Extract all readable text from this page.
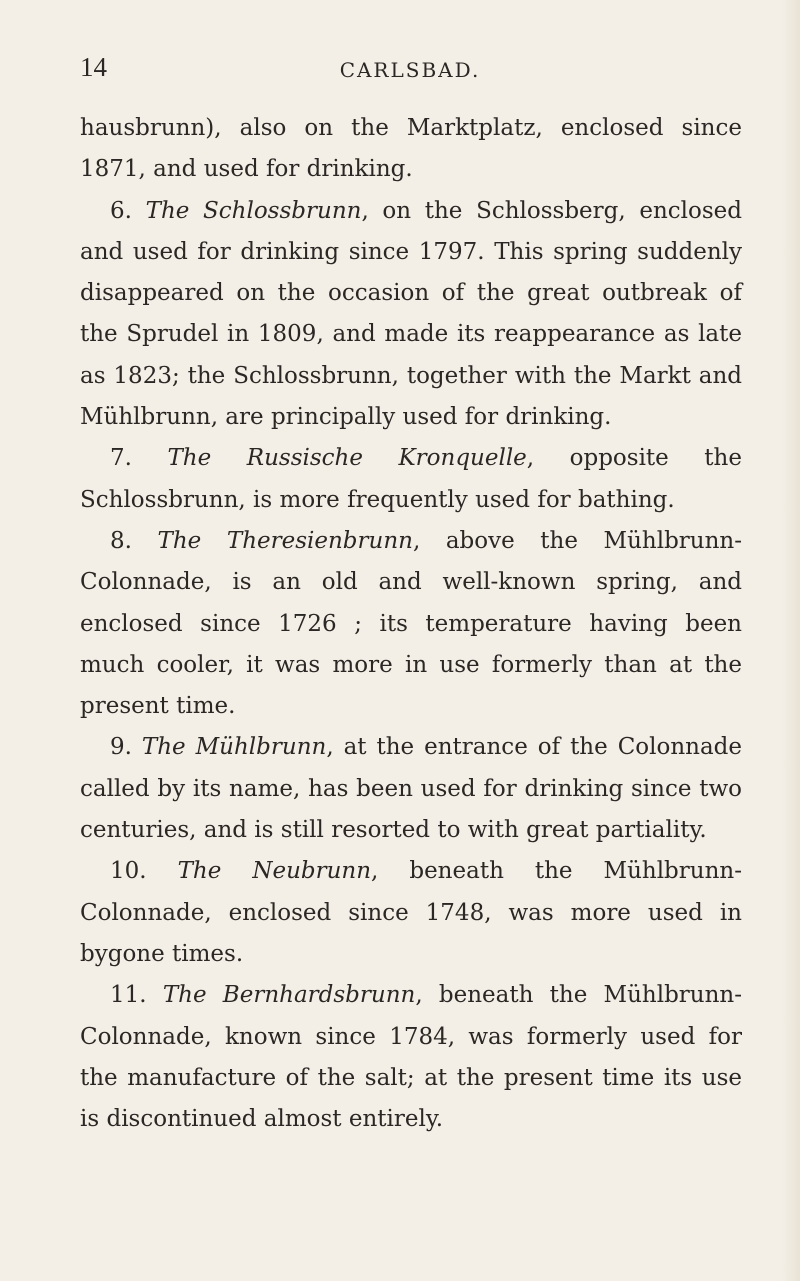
14	CARLSBAD.

hausbrunn), also on the Marktplatz, enclosed since 1871, and used for drinking.

6. The Schlossbrunn, on the Schlossberg, enclosed and used for drinking since 1797. This spring suddenly disappeared on the occasion of the great outbreak of the Sprudel in 1809, and made its reappearance as late as 1823; the Schlossbrunn, together with the Markt and Mühlbrunn, are principally used for drinking.

7. The Russische Kronquelle, opposite the Schlossbrunn, is more frequently used for bathing.

8. The Theresienbrunn, above the Mühlbrunn-Colonnade, is an old and well-known spring, and enclosed since 1726 ; its temperature having been much cooler, it was more in use formerly than at the present time.

9. The Mühlbrunn, at the entrance of the Colonnade called by its name, has been used for drinking since two centuries, and is still resorted to with great partiality.

10. The Neubrunn, beneath the Mühlbrunn-Colonnade, enclosed since 1748, was more used in bygone times.

11. The Bernhardsbrunn, beneath the Mühlbrunn-Colonnade, known since 1784, was formerly used for the manufacture of the salt; at the present time its use is discontinued almost entirely.
